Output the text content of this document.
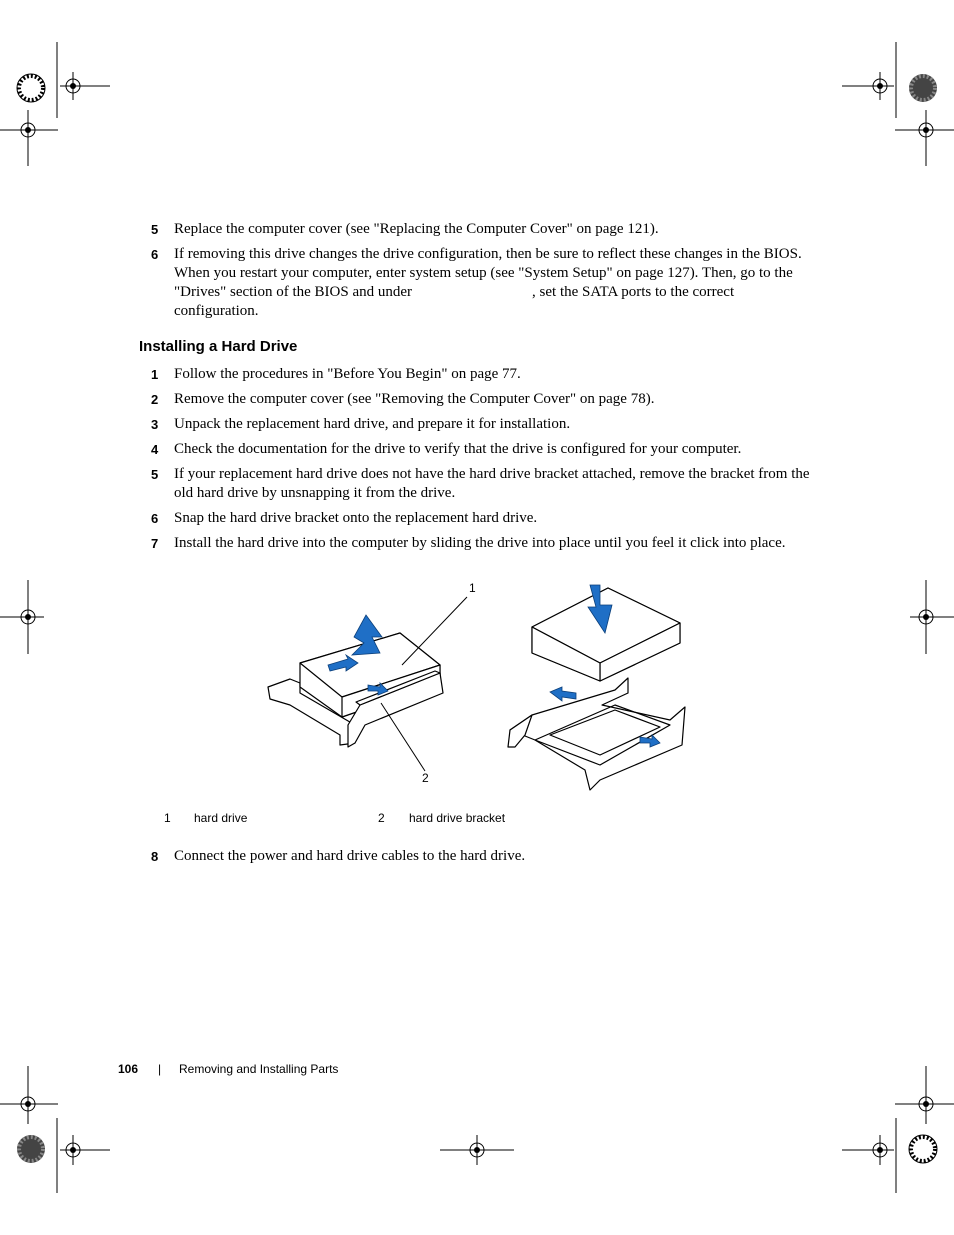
5	Replace the computer cover (see "Replacing the Computer Cover" on page 121).
6	If removing this drive changes the drive configuration, then be sure to reflect these changes in the BIOS. When you restart your computer, enter system setup (see "System Setup" on page 127). Then, go to the "Drives" section of the BIOS and under                                , set the SATA ports to the correct configuration.
Installing a Hard Drive
1	Follow the procedures in "Before You Begin" on page 77.
2	Remove the computer cover (see "Removing the Computer Cover" on page 78).
3	Unpack the replacement hard drive, and prepare it for installation.
4	Check the documentation for the drive to verify that the drive is configured for your computer.
5	If your replacement hard drive does not have the hard drive bracket attached, remove the bracket from the old hard drive by unsnapping it from the drive.
6	Snap the hard drive bracket onto the replacement hard drive.
7	Install the hard drive into the computer by sliding the drive into place until you feel it click into place.
1
2
1 hard drive	2 hard drive bracket
8	Connect the power and hard drive cables to the hard drive.
106 | Removing and Installing Parts
